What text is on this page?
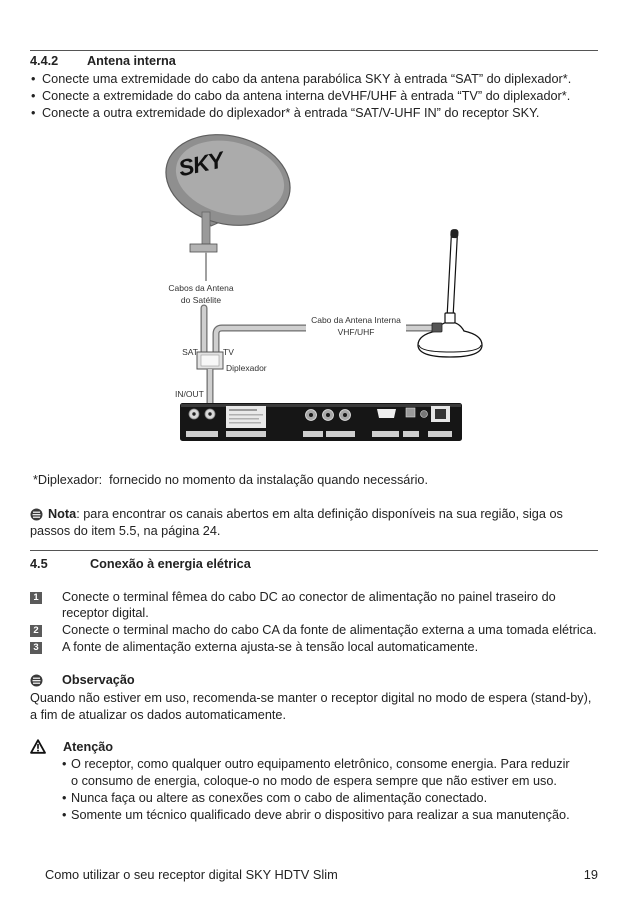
4.4.2 Antena interna
• Conecte uma extremidade do cabo da antena parabólica SKY à entrada “SAT” do diplexador*.
• Conecte a extremidade do cabo da antena interna deVHF/UHF à entrada “TV” do diplexador*.
• Conecte a outra extremidade do diplexador* à entrada “SAT/V-UHF IN” do receptor SKY.
SKY
Cabos da Antena
do Satélite
Cabo da Antena Interna
VHF/UHF
SAT	TV
Diplexador
IN/OUT
*Diplexador:  fornecido no momento da instalação quando necessário.
Nota: para encontrar os canais abertos em alta definição disponíveis na sua região, siga os
passos do item 5.5, na página 24.
4.5	Conexão à energia elétrica
1 Conecte o terminal fêmea do cabo DC ao conector de alimentação no painel traseiro do
receptor digital.
2 Conecte o terminal macho do cabo CA da fonte de alimentação externa a uma tomada elétrica.
3 A fonte de alimentação externa ajusta-se à tensão local automaticamente.
Observação
Quando não estiver em uso, recomenda-se manter o receptor digital no modo de espera (stand-by),
a fim de atualizar os dados automaticamente.
Atenção
• O receptor, como qualquer outro equipamento eletrônico, consome energia. Para reduzir
o consumo de energia, coloque-o no modo de espera sempre que não estiver em uso.
• Nunca faça ou altere as conexões com o cabo de alimentação conectado.
• Somente um técnico qualificado deve abrir o dispositivo para realizar a sua manutenção.
Como utilizar o seu receptor digital SKY HDTV Slim	19
